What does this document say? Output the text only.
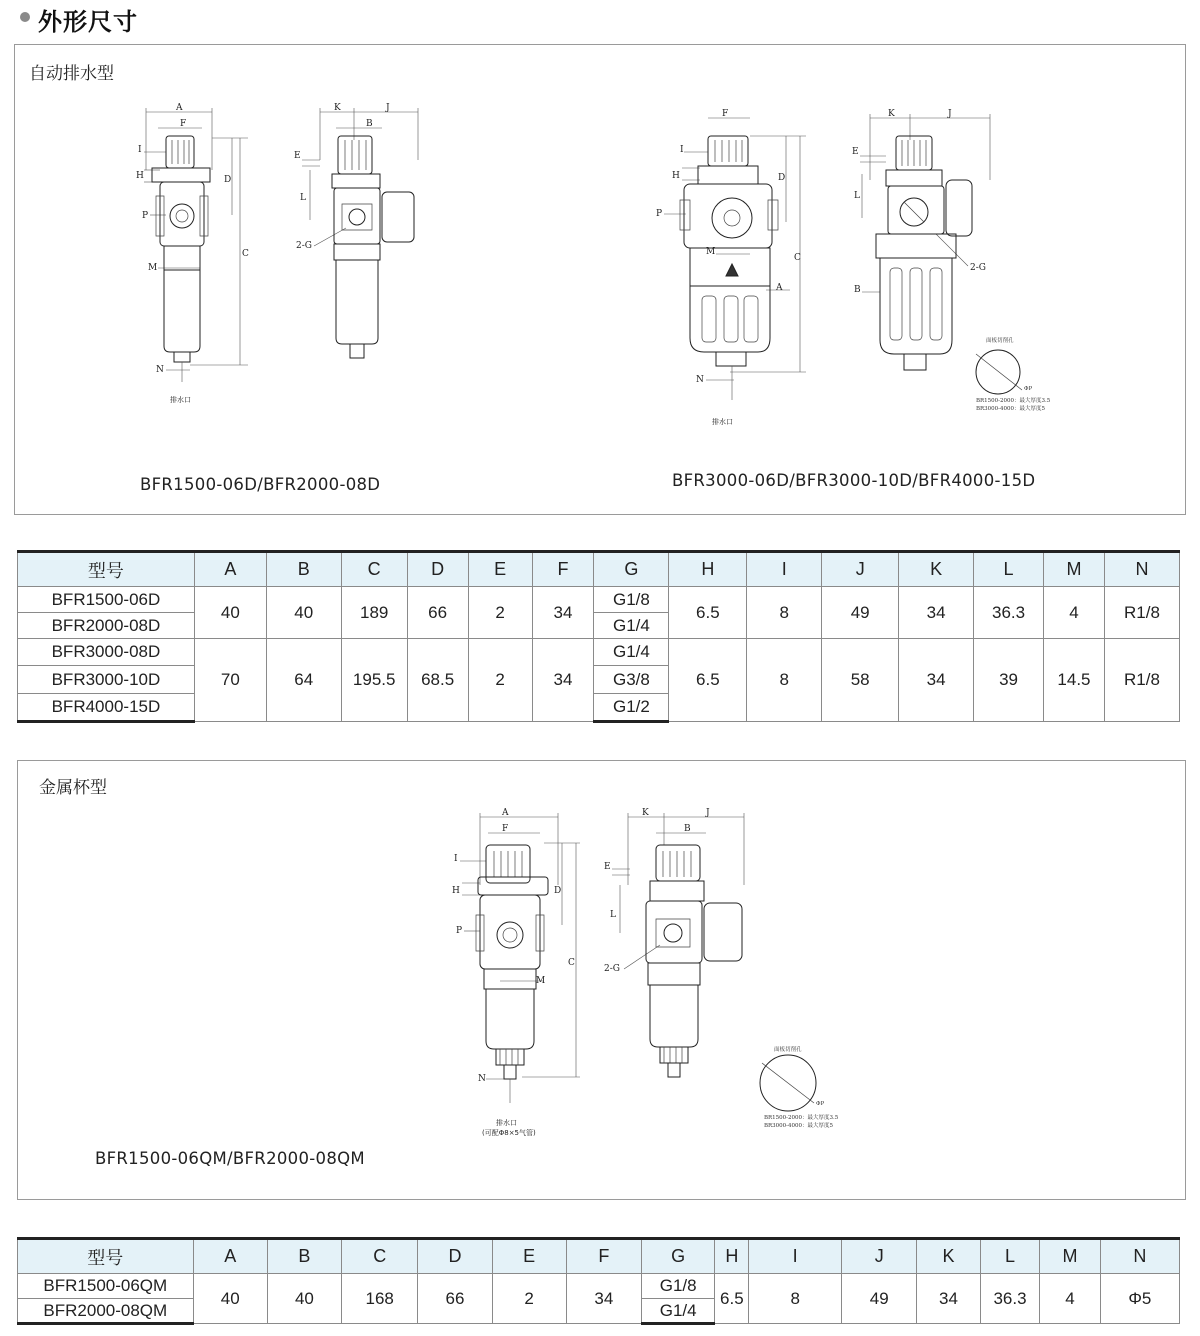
外形尺寸
自动排水型
BFR1500-06D/BFR2000-08D	BFR3000-06D/BFR3000-10D/BFR4000-15D
A
F
D
C
I
H
P
M
N
排水口
K	J
B
E
L
2-G
F
D
C
A
I
H
P
M
N
排水口
K	J
E
L
B
2-G
面板切削孔
ΦP
BR1500-2000：最大厚度3.5
BR3000-4000：最大厚度5
型号	A	B	C	D	E	F	G	H	I	J	K	L	M	N
BFR1500-06D	40	40	189	66	2	34	G1/8	6.5	8	49	34	36.3	4	R1/8
BFR2000-08D							G1/4							
BFR3000-08D	70	64	195.5	68.5	2	34	G1/4	6.5	8	58	34	39	14.5	R1/8
BFR3000-10D							G3/8							
BFR4000-15D							G1/2							
金属杯型
BFR1500-06QM/BFR2000-08QM
A
F
D
C
I
H
P
M
N
排水口
(可配Φ8×5气管)
K	J
B
E
L
2-G
面板切削孔
ΦP
BR1500-2000：最大厚度3.5
BR3000-4000：最大厚度5
型号	A	B	C	D	E	F	G	H	I	J	K	L	M	N
BFR1500-06QM	40	40	168	66	2	34	G1/8	6.5	8	49	34	36.3	4	Φ5
BFR2000-08QM							G1/4							
